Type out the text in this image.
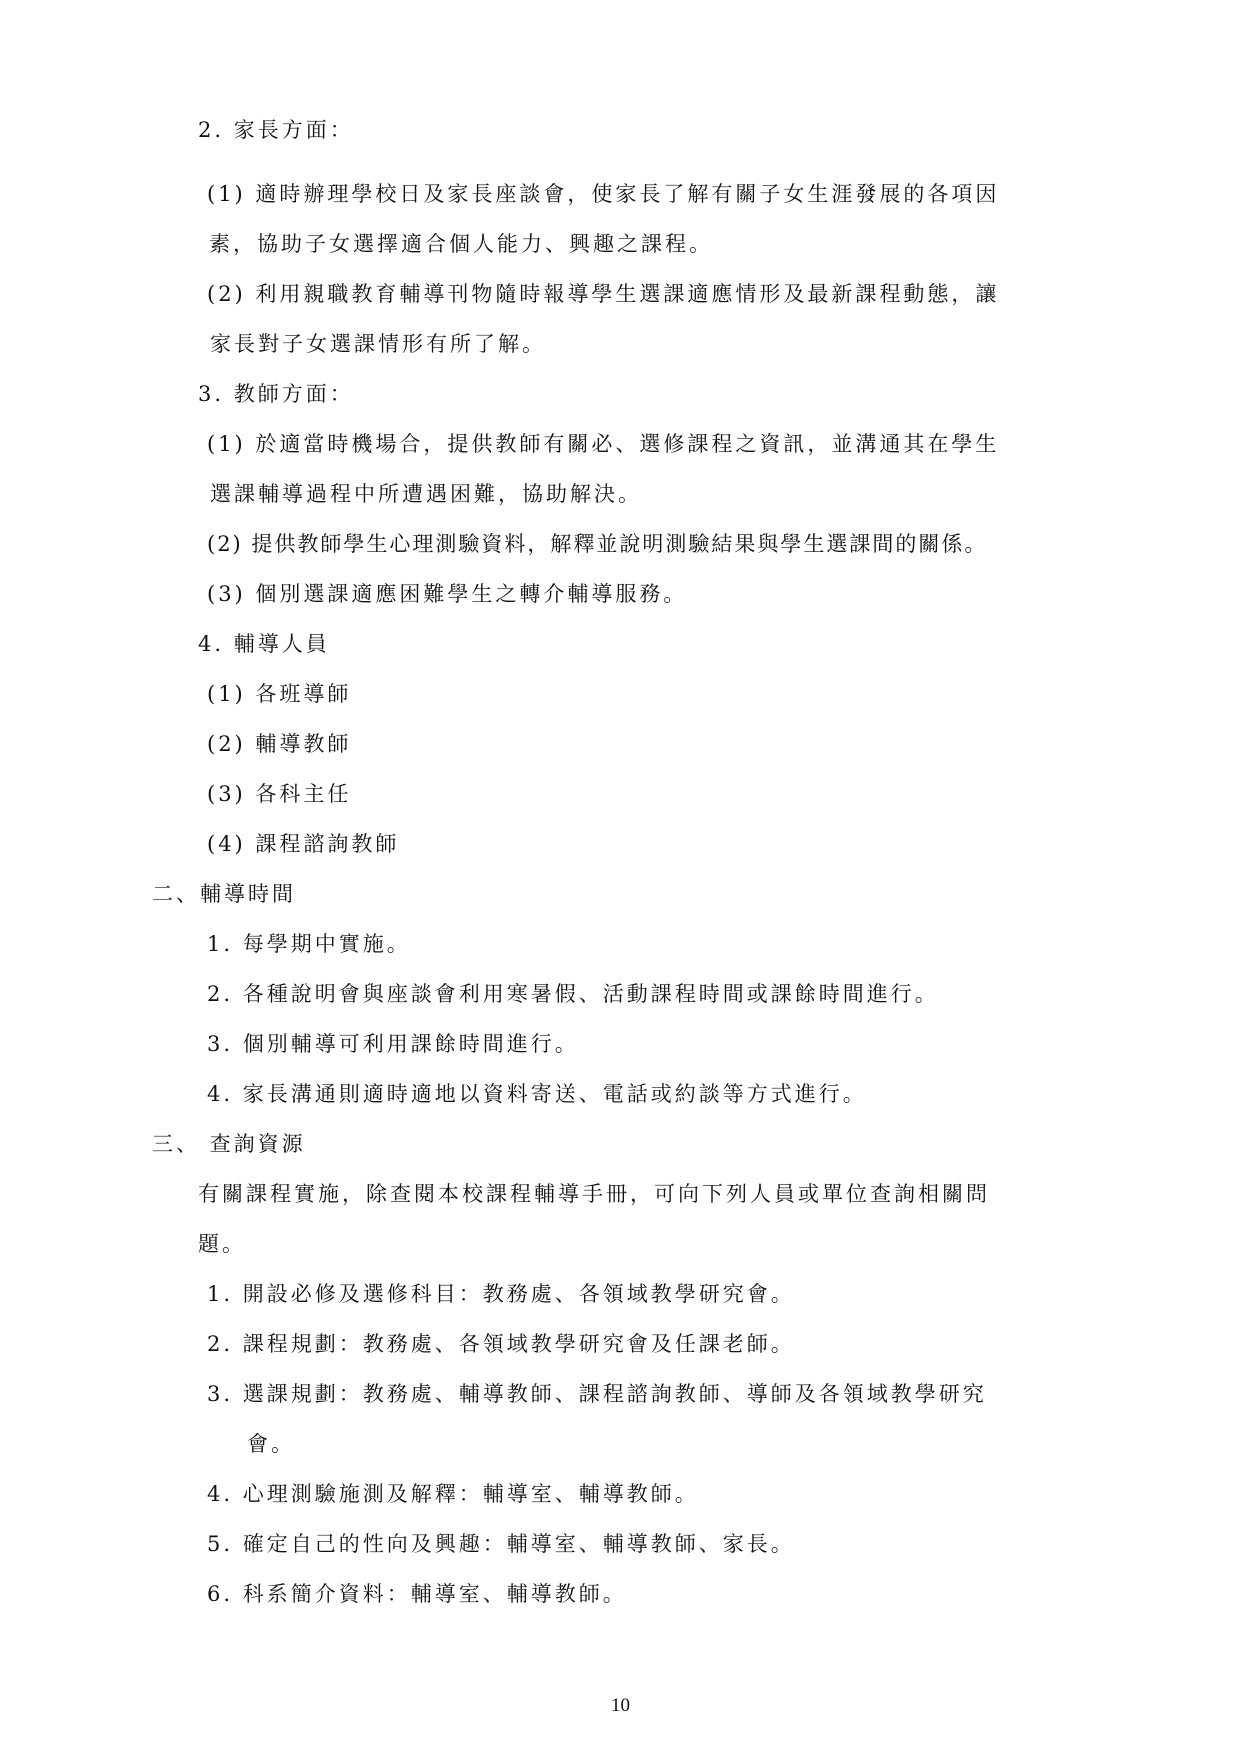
2. 家長方面：
(1) 適時辦理學校日及家長座談會，使家長了解有關子女生涯發展的各項因
素，協助子女選擇適合個人能力、興趣之課程。
(2) 利用親職教育輔導刊物隨時報導學生選課適應情形及最新課程動態，讓
家長對子女選課情形有所了解。
3. 教師方面：
(1) 於適當時機場合，提供教師有關必、選修課程之資訊，並溝通其在學生
選課輔導過程中所遭遇困難，協助解決。
(2) 提供教師學生心理測驗資料，解釋並說明測驗結果與學生選課間的關係。
(3) 個別選課適應困難學生之轉介輔導服務。
4. 輔導人員
(1) 各班導師
(2) 輔導教師
(3) 各科主任
(4) 課程諮詢教師
二、輔導時間
1. 每學期中實施。
2. 各種說明會與座談會利用寒暑假、活動課程時間或課餘時間進行。
3. 個別輔導可利用課餘時間進行。
4. 家長溝通則適時適地以資料寄送、電話或約談等方式進行。
三、 查詢資源
有關課程實施，除查閱本校課程輔導手冊，可向下列人員或單位查詢相關問
題。
1. 開設必修及選修科目：教務處、各領域教學研究會。
2. 課程規劃：教務處、各領域教學研究會及任課老師。
3. 選課規劃：教務處、輔導教師、課程諮詢教師、導師及各領域教學研究
會。
4. 心理測驗施測及解釋：輔導室、輔導教師。
5. 確定自己的性向及興趣：輔導室、輔導教師、家長。
6. 科系簡介資料：輔導室、輔導教師。
10
